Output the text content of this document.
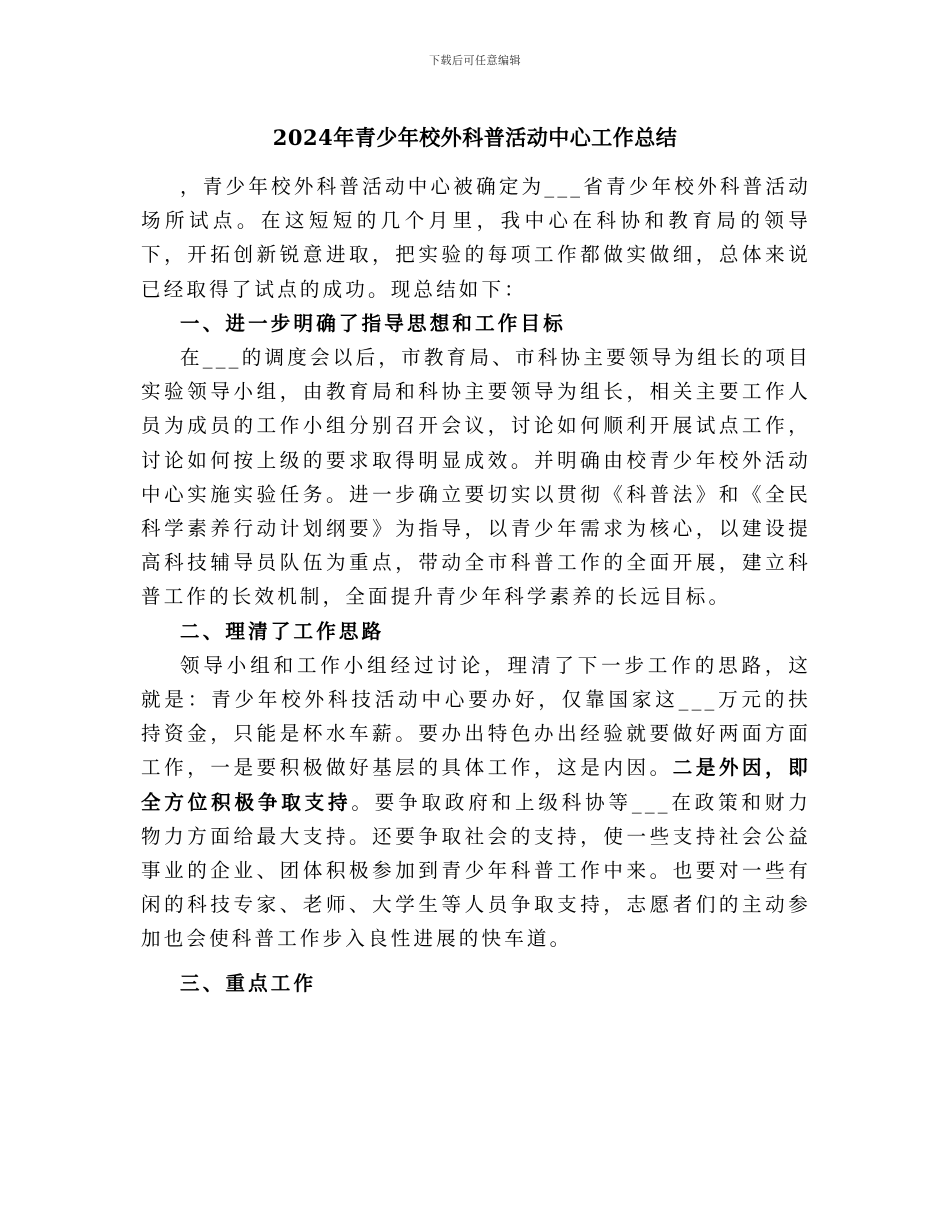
下载后可任意编辑
2024年青少年校外科普活动中心工作总结

，青少年校外科普活动中心被确定为___省青少年校外科普活动场所试点。在这短短的几个月里，我中心在科协和教育局的领导下，开拓创新锐意进取，把实验的每项工作都做实做细，总体来说已经取得了试点的成功。现总结如下：

一、进一步明确了指导思想和工作目标

在___的调度会以后，市教育局、市科协主要领导为组长的项目实验领导小组，由教育局和科协主要领导为组长，相关主要工作人员为成员的工作小组分别召开会议，讨论如何顺利开展试点工作，讨论如何按上级的要求取得明显成效。并明确由校青少年校外活动中心实施实验任务。进一步确立要切实以贯彻《科普法》和《全民科学素养行动计划纲要》为指导，以青少年需求为核心，以建设提高科技辅导员队伍为重点，带动全市科普工作的全面开展，建立科普工作的长效机制，全面提升青少年科学素养的长远目标。

二、理清了工作思路

领导小组和工作小组经过讨论，理清了下一步工作的思路，这就是：青少年校外科技活动中心要办好，仅靠国家这___万元的扶持资金，只能是杯水车薪。要办出特色办出经验就要做好两面方面工作，一是要积极做好基层的具体工作，这是内因。二是外因，即全方位积极争取支持。要争取政府和上级科协等___在政策和财力物力方面给最大支持。还要争取社会的支持，使一些支持社会公益事业的企业、团体积极参加到青少年科普工作中来。也要对一些有闲的科技专家、老师、大学生等人员争取支持，志愿者们的主动参加也会使科普工作步入良性进展的快车道。

三、重点工作
